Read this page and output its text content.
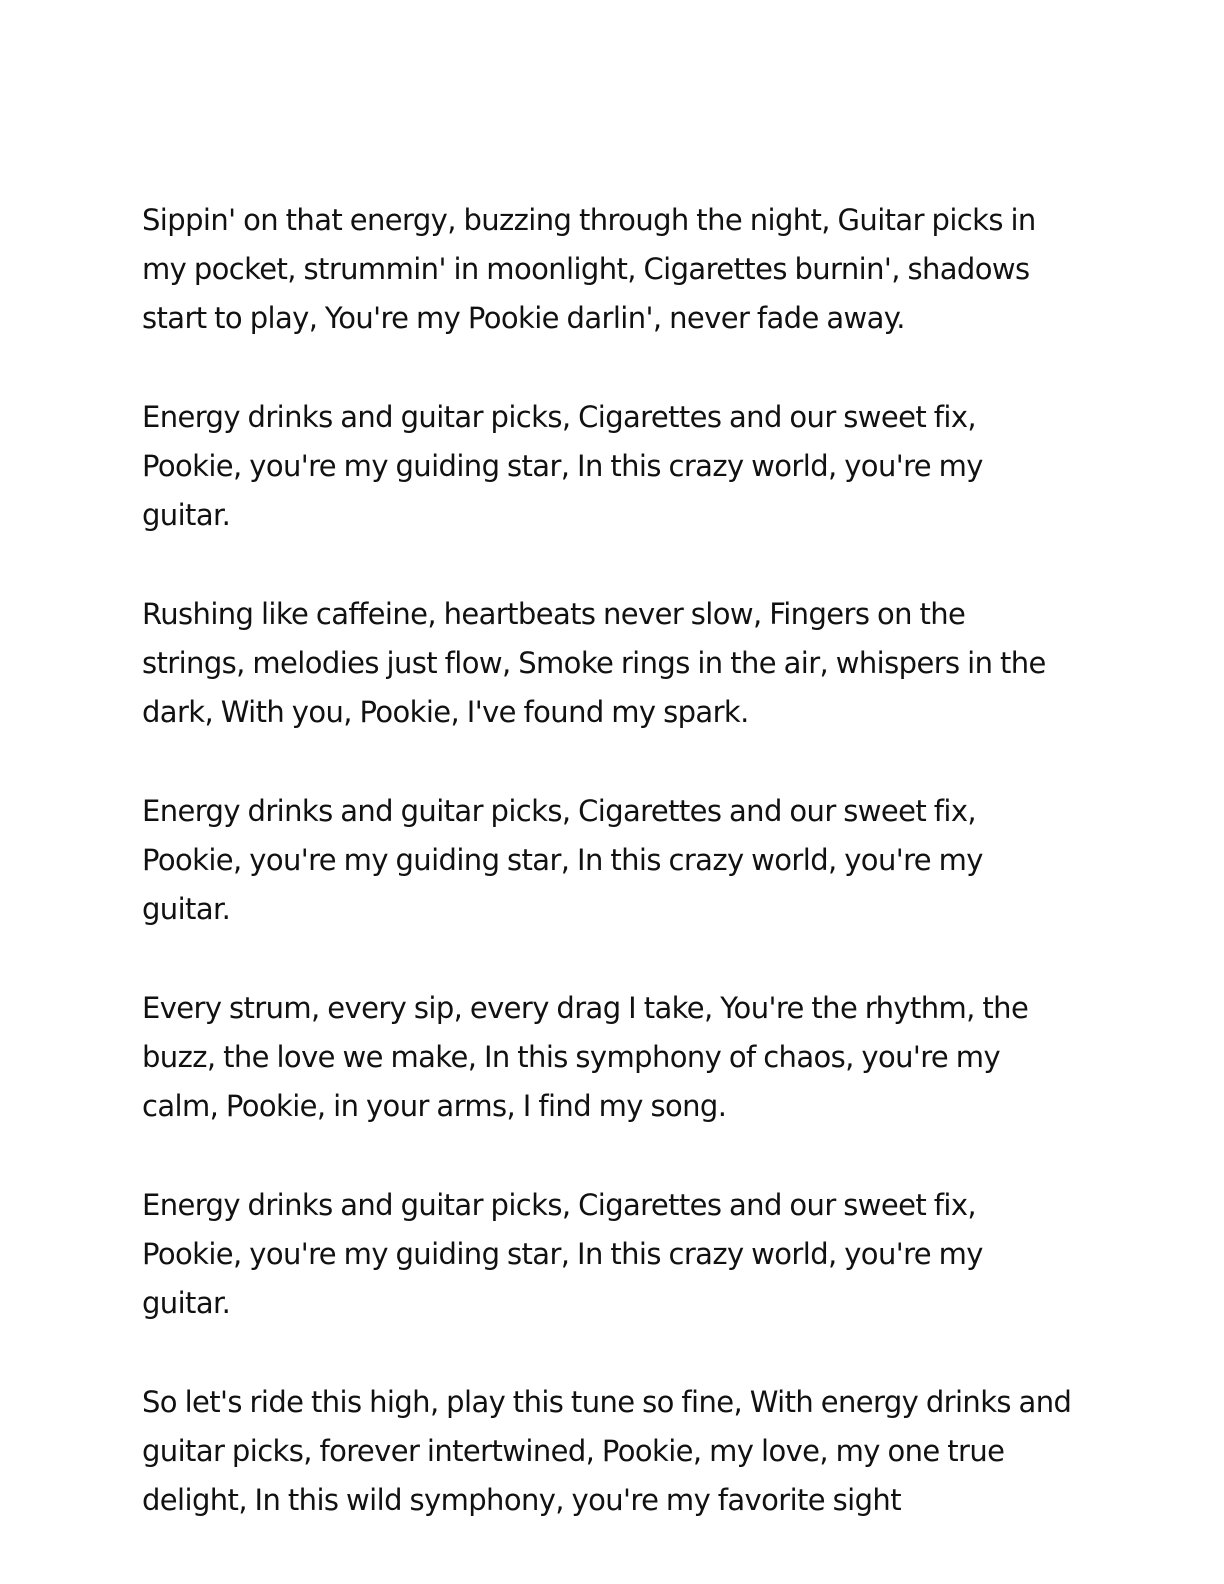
Sippin' on that energy, buzzing through the night, Guitar picks in my pocket, strummin' in moonlight, Cigarettes burnin', shadows start to play, You're my Pookie darlin', never fade away.

Energy drinks and guitar picks, Cigarettes and our sweet fix, Pookie, you're my guiding star, In this crazy world, you're my guitar.

Rushing like caffeine, heartbeats never slow, Fingers on the strings, melodies just flow, Smoke rings in the air, whispers in the dark, With you, Pookie, I've found my spark.

Energy drinks and guitar picks, Cigarettes and our sweet fix, Pookie, you're my guiding star, In this crazy world, you're my guitar.

Every strum, every sip, every drag I take, You're the rhythm, the buzz, the love we make, In this symphony of chaos, you're my calm, Pookie, in your arms, I find my song.

Energy drinks and guitar picks, Cigarettes and our sweet fix, Pookie, you're my guiding star, In this crazy world, you're my guitar.

So let's ride this high, play this tune so fine, With energy drinks and guitar picks, forever intertwined, Pookie, my love, my one true delight, In this wild symphony, you're my favorite sight
